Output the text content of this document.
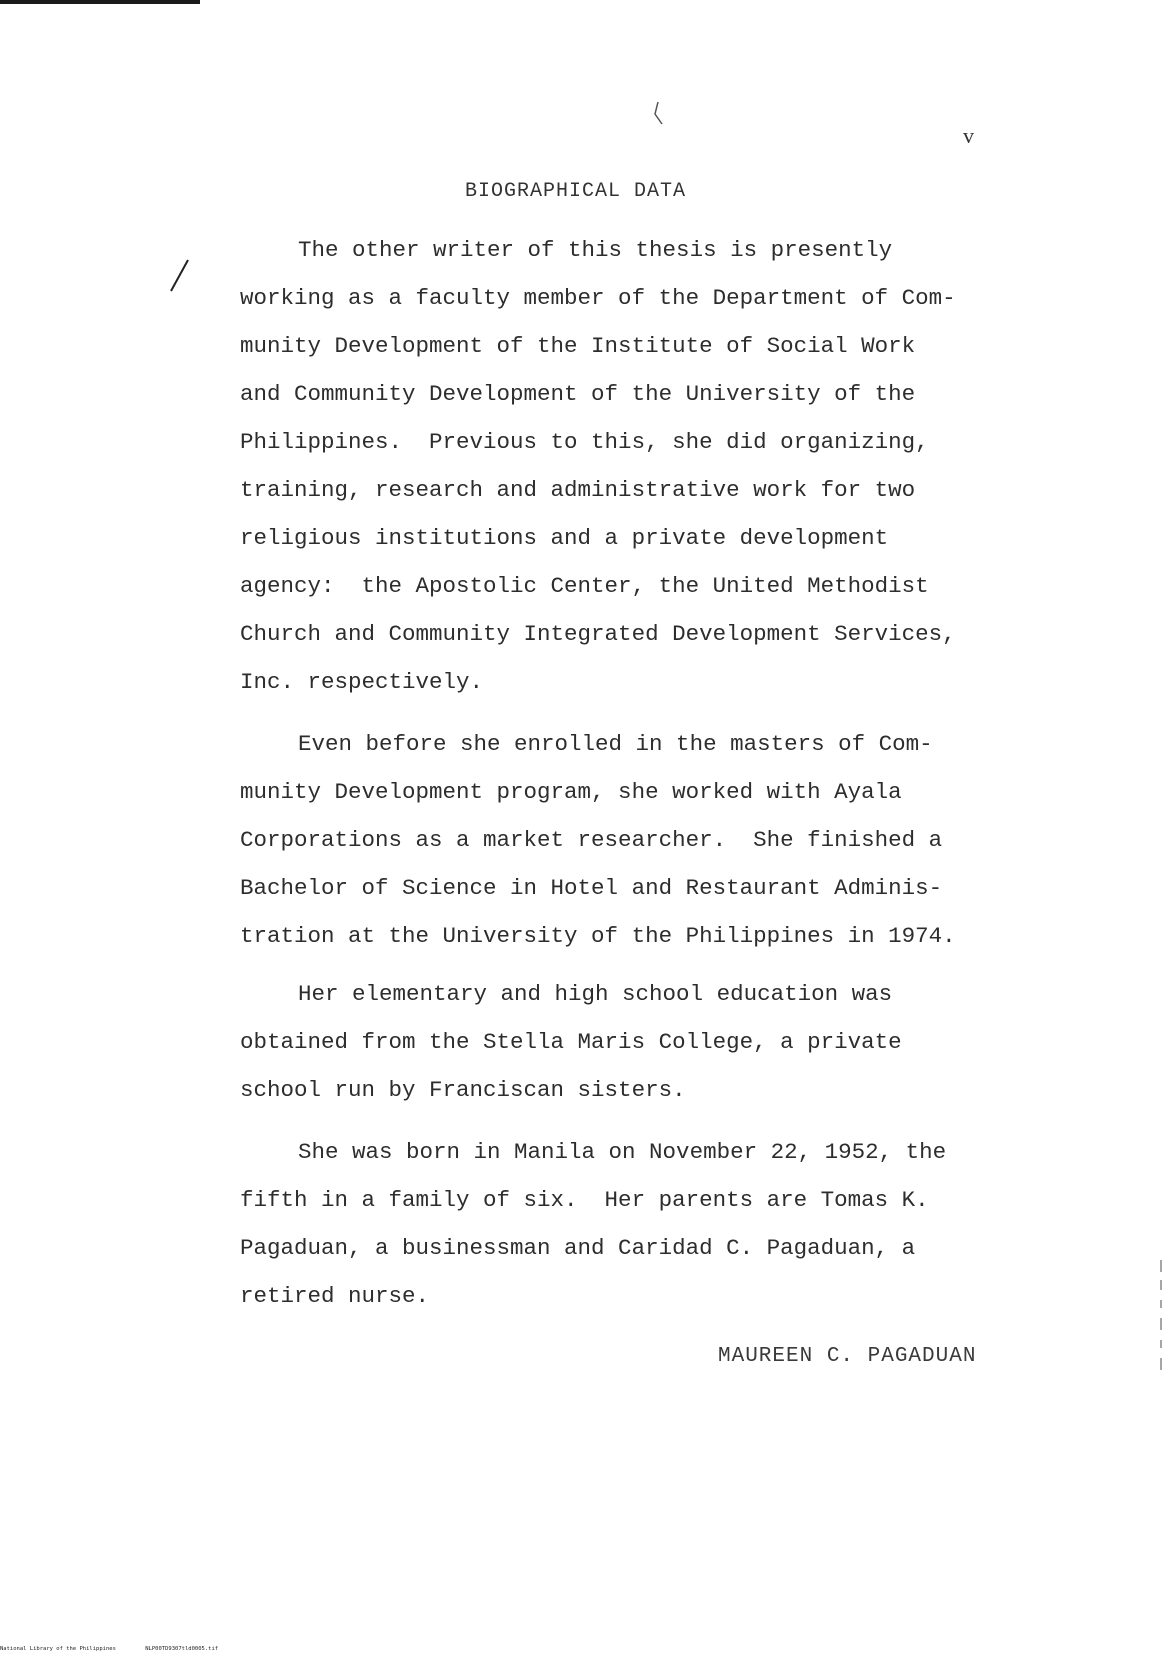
v
BIOGRAPHICAL DATA
The other writer of this thesis is presently
working as a faculty member of the Department of Com-
munity Development of the Institute of Social Work
and Community Development of the University of the
Philippines.  Previous to this, she did organizing,
training, research and administrative work for two
religious institutions and a private development
agency:  the Apostolic Center, the United Methodist
Church and Community Integrated Development Services,
Inc. respectively.
Even before she enrolled in the masters of Com-
munity Development program, she worked with Ayala
Corporations as a market researcher.  She finished a
Bachelor of Science in Hotel and Restaurant Adminis-
tration at the University of the Philippines in 1974.
Her elementary and high school education was
obtained from the Stella Maris College, a private
school run by Franciscan sisters.
She was born in Manila on November 22, 1952, the
fifth in a family of six.  Her parents are Tomas K.
Pagaduan, a businessman and Caridad C. Pagaduan, a
retired nurse.
MAUREEN C. PAGADUAN
National Library of the Philippines	NLP00TD9307tld0005.tif
